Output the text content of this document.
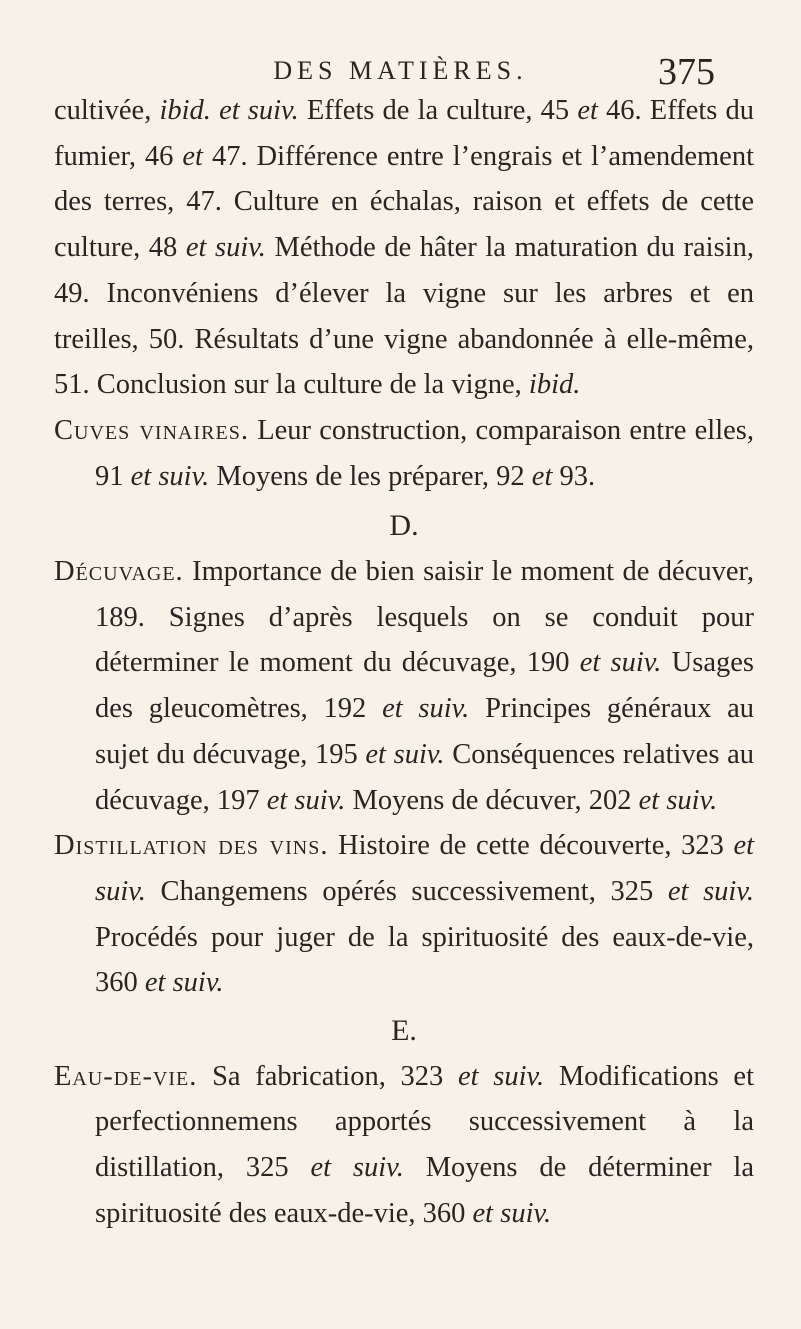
DES MATIÈRES.	375

cultivée, ibid. et suiv. Effets de la culture, 45 et 46. Effets du fumier, 46 et 47. Différence entre l’engrais et l’amendement des terres, 47. Culture en échalas, raison et effets de cette culture, 48 et suiv. Méthode de hâter la maturation du raisin, 49. Inconvéniens d’élever la vigne sur les arbres et en treilles, 50. Résultats d’une vigne abandonnée à elle-même, 51. Conclusion sur la culture de la vigne, ibid.

Cuves vinaires. Leur construction, comparaison entre elles, 91 et suiv. Moyens de les préparer, 92 et 93.

D.

Décuvage. Importance de bien saisir le moment de décuver, 189. Signes d’après lesquels on se conduit pour déterminer le moment du décuvage, 190 et suiv. Usages des gleucomètres, 192 et suiv. Principes généraux au sujet du décuvage, 195 et suiv. Conséquences relatives au décuvage, 197 et suiv. Moyens de décuver, 202 et suiv.

Distillation des vins. Histoire de cette découverte, 323 et suiv. Changemens opérés successivement, 325 et suiv. Procédés pour juger de la spirituosité des eaux-de-vie, 360 et suiv.

E.

Eau-de-vie. Sa fabrication, 323 et suiv. Modifications et perfectionnemens apportés successivement à la distillation, 325 et suiv. Moyens de déterminer la spirituosité des eaux-de-vie, 360 et suiv.
